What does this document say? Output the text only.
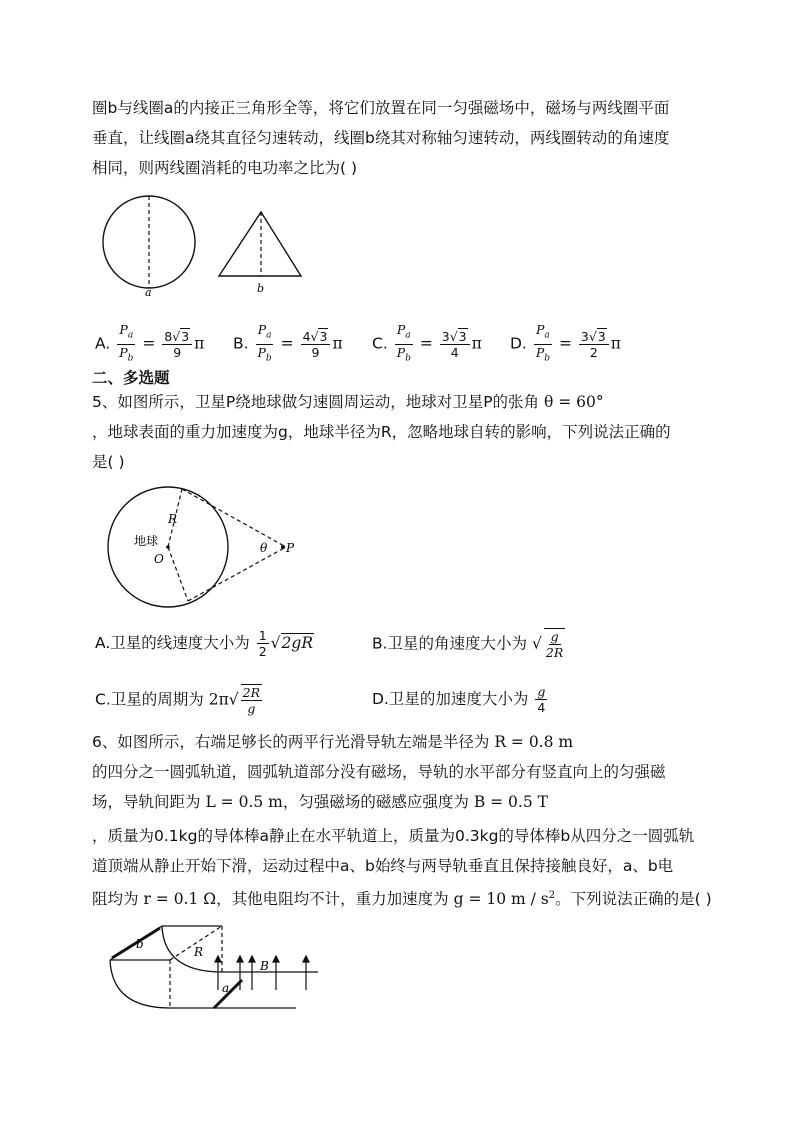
圈b与线圈a的内接正三角形全等，将它们放置在同一匀强磁场中，磁场与两线圈平面
垂直，让线圈a绕其直径匀速转动，线圈b绕其对称轴匀速转动，两线圈转动的角速度
相同，则两线圈消耗的电功率之比为( )
a	b
A. $\frac{P_a}{P_b} = \frac{8√3}{9}$ π B. $\frac{P_a}{P_b} = \frac{4√3}{9}$ π C. $\frac{P_a}{P_b} = \frac{3√3}{4}$ π D. $\frac{P_a}{P_b} = \frac{3√3}{2}$ π
二、多选题
5、如图所示，卫星P绕地球做匀速圆周运动，地球对卫星P的张角 θ = 60°
，地球表面的重力加速度为g，地球半径为R，忽略地球自转的影响，下列说法正确的
是( )
地球
R
O
θ P
A.卫星的线速度大小为 $\frac{1}{2} √2gR$	B.卫星的角速度大小为 √ $\frac{g}{2R}$
C.卫星的周期为 $2\pi√ \frac{2R}{g}$	D.卫星的加速度大小为 $\frac{g}{4}$
6、如图所示，右端足够长的两平行光滑导轨左端是半径为 R = 0.8 m
的四分之一圆弧轨道，圆弧轨道部分没有磁场，导轨的水平部分有竖直向上的匀强磁
场，导轨间距为 L = 0.5 m，匀强磁场的磁感应强度为 B = 0.5 T
，质量为0.1kg的导体棒a静止在水平轨道上，质量为0.3kg的导体棒b从四分之一圆弧轨
道顶端从静止开始下滑，运动过程中a、b始终与两导轨垂直且保持接触良好，a、b电
阻均为 r = 0.1 Ω，其他电阻均不计，重力加速度为 g = 10 m / $s^2$。下列说法正确的是( )
b
R
B
a
